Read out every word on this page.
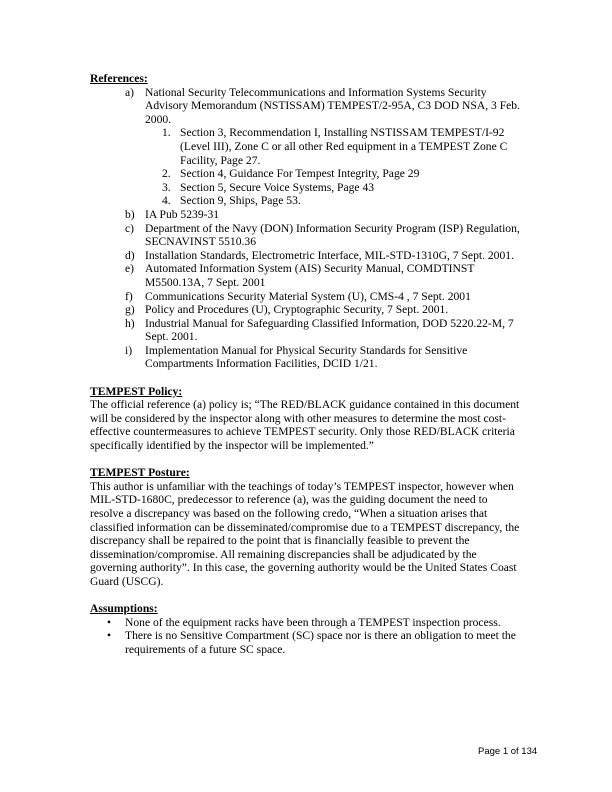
References:
a) National Security Telecommunications and Information Systems Security Advisory Memorandum (NSTISSAM) TEMPEST/2-95A, C3 DOD NSA, 3 Feb. 2000.
1. Section 3, Recommendation I, Installing NSTISSAM TEMPEST/I-92 (Level III), Zone C or all other Red equipment in a TEMPEST Zone C Facility, Page 27.
2. Section 4, Guidance For Tempest Integrity, Page 29
3. Section 5, Secure Voice Systems, Page 43
4. Section 9, Ships, Page 53.
b) IA Pub 5239-31
c) Department of the Navy (DON) Information Security Program (ISP) Regulation, SECNAVINST 5510.36
d) Installation Standards, Electrometric Interface, MIL-STD-1310G, 7 Sept. 2001.
e) Automated Information System (AIS) Security Manual, COMDTINST M5500.13A, 7 Sept. 2001
f) Communications Security Material System (U), CMS-4 , 7 Sept. 2001
g) Policy and Procedures (U), Cryptographic Security, 7 Sept. 2001.
h) Industrial Manual for Safeguarding Classified Information, DOD 5220.22-M, 7 Sept. 2001.
i) Implementation Manual for Physical Security Standards for Sensitive Compartments Information Facilities, DCID 1/21.
TEMPEST Policy:

The official reference (a) policy is; “The RED/BLACK guidance contained in this document will be considered by the inspector along with other measures to determine the most cost-effective countermeasures to achieve TEMPEST security. Only those RED/BLACK criteria specifically identified by the inspector will be implemented.”

TEMPEST Posture:

This author is unfamiliar with the teachings of today’s TEMPEST inspector, however when MIL-STD-1680C, predecessor to reference (a), was the guiding document the need to resolve a discrepancy was based on the following credo, “When a situation arises that classified information can be disseminated/compromise due to a TEMPEST discrepancy, the discrepancy shall be repaired to the point that is financially feasible to prevent the dissemination/compromise. All remaining discrepancies shall be adjudicated by the governing authority”. In this case, the governing authority would be the United States Coast Guard (USCG).

Assumptions:
• None of the equipment racks have been through a TEMPEST inspection process.
• There is no Sensitive Compartment (SC) space nor is there an obligation to meet the requirements of a future SC space.
Page 1 of 134
